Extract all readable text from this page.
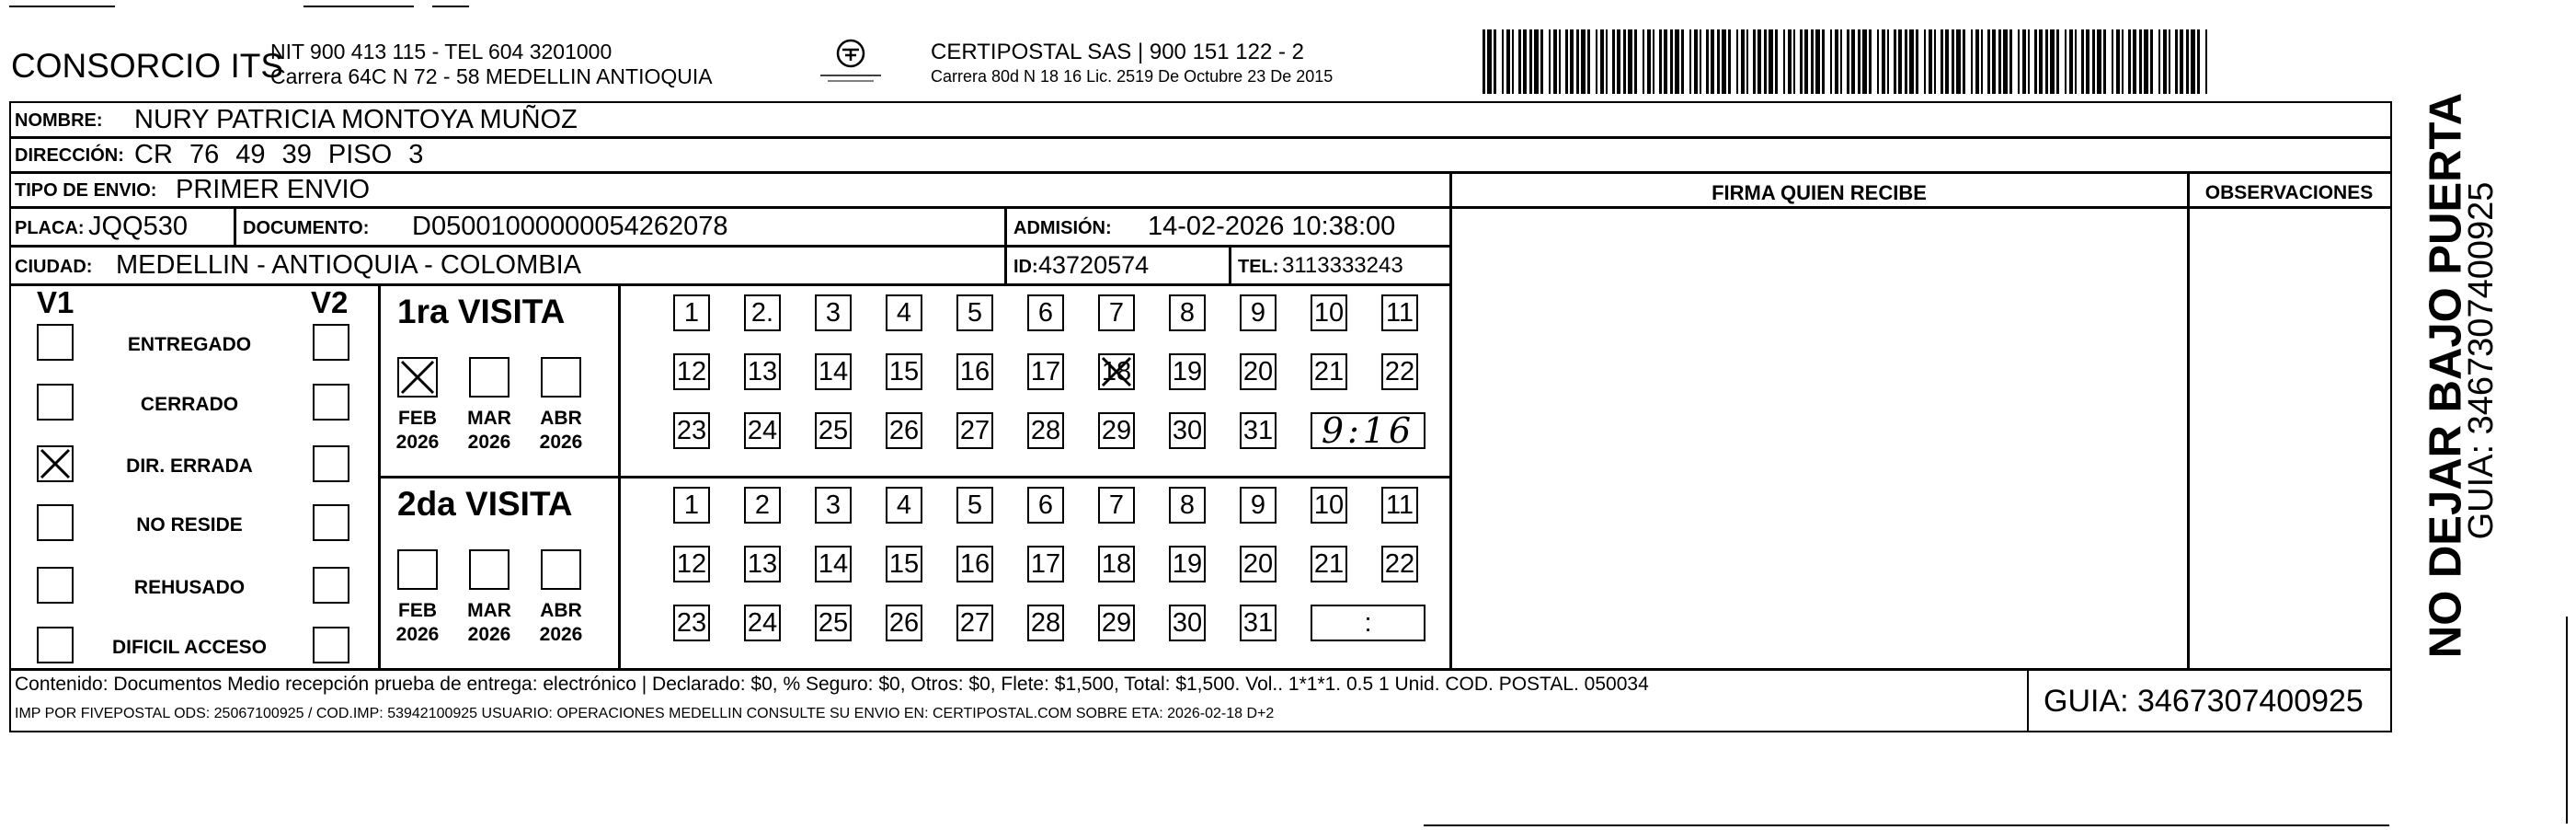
CONSORCIO ITS
NIT 900 413 115 - TEL 604 3201000
Carrera 64C N 72 - 58 MEDELLIN ANTIOQUIA
CERTIPOSTAL SAS | 900 151 122 - 2
Carrera 80d N 18 16 Lic. 2519 De Octubre 23 De 2015
GUIA: 3467307400925
NOMBRE: NURY PATRICIA MONTOYA MUÑOZ
DIRECCIÓN: CR 76 49 39 PISO 3
TIPO DE ENVIO: PRIMER ENVIO
PLACA: JQQ530	DOCUMENTO: D05001000000054262078	ADMISIÓN: 14-02-2026 10:38:00
CIUDAD: MEDELLIN - ANTIOQUIA - COLOMBIA	ID: 43720574	TEL: 3113333243
FIRMA QUIEN RECIBE	OBSERVACIONES
V1	V2
ENTREGADO
CERRADO
DIR. ERRADA
NO RESIDE
REHUSADO
DIFICIL ACCESO
1ra VISITA
FEB
2026
MAR
2026
ABR
2026
1	2.	3	4	5	6	7	8	9	10 11
12 13 14 15 16 17 18 19 20 21 22
23 24 25 26 27 28 29 30 31	9:16
2da VISITA
FEB
2026
MAR
2026
ABR
2026
1	2	3	4	5	6	7	8	9	10 11
12 13 14 15 16 17 18 19 20 21 22
23 24 25 26 27 28 29 30 31	:
Contenido: Documentos Medio recepción prueba de entrega: electrónico | Declarado: $0, % Seguro: $0, Otros: $0, Flete: $1,500, Total: $1,500. Vol.. 1*1*1. 0.5 1 Unid. COD. POSTAL. 050034
IMP POR FIVEPOSTAL ODS: 25067100925 / COD.IMP: 53942100925 USUARIO: OPERACIONES MEDELLIN CONSULTE SU ENVIO EN: CERTIPOSTAL.COM SOBRE ETA: 2026-02-18 D+2
NO DEJAR BAJO PUERTA
GUIA: 3467307400925
